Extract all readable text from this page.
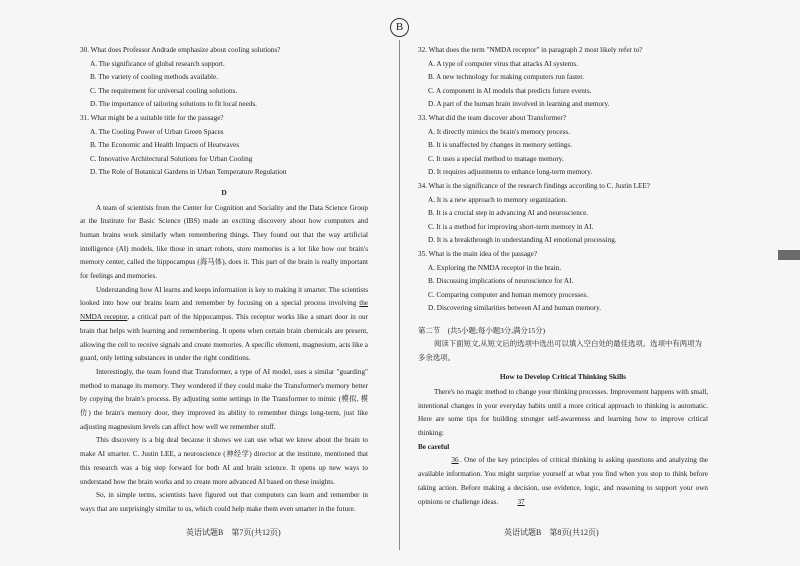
B

30. What does Professor Andrade emphasize about cooling solutions?

A. The significance of global research support.

B. The variety of cooling methods available.

C. The requirement for universal cooling solutions.

D. The importance of tailoring solutions to fit local needs.

31. What might be a suitable title for the passage?

A. The Cooling Power of Urban Green Spaces

B. The Economic and Health Impacts of Heatwaves

C. Innovative Architectural Solutions for Urban Cooling

D. The Role of Botanical Gardens in Urban Temperature Regulation

D

A team of scientists from the Center for Cognition and Sociality and the Data Science Group at the Institute for Basic Science (IBS) made an exciting discovery about how computers and human brains work similarly when remembering things. They found out that the way artificial intelligence (AI) models, like those in smart robots, store memories is a lot like how our brain's memory center, called the hippocampus (海马体), does it. This part of the brain is really important for feelings and memories.

Understanding how AI learns and keeps information is key to making it smarter. The scientists looked into how our brains learn and remember by focusing on a special process involving the NMDA receptor, a critical part of the hippocampus. This receptor works like a smart door in our brain that helps with learning and remembering. It opens when certain brain chemicals are present, allowing the cell to receive signals and create memories. A specific element, magnesium, acts like a guard, only letting substances in under the right conditions.

Interestingly, the team found that Transformer, a type of AI model, uses a similar "guarding" method to manage its memory. They wondered if they could make the Transformer's memory better by copying the brain's process. By adjusting some settings in the Transformer to mimic (模拟, 模仿) the brain's memory door, they improved its ability to remember things long-term, just like adjusting magnesium levels can affect how well we remember stuff.

This discovery is a big deal because it shows we can use what we know about the brain to make AI smarter. C. Justin LEE, a neuroscience (神经学) director at the institute, mentioned that this research was a big step forward for both AI and brain science. It opens up new ways to understand how the brain works and to create more advanced AI based on these insights.

So, in simple terms, scientists have figured out that computers can learn and remember in ways that are surprisingly similar to us, which could help make them even smarter in the future.

32. What does the term "NMDA receptor" in paragraph 2 most likely refer to?

A. A type of computer virus that attacks AI systems.

B. A new technology for making computers run faster.

C. A component in AI models that predicts future events.

D. A part of the human brain involved in learning and memory.

33. What did the team discover about Transformer?

A. It directly mimics the brain's memory process.

B. It is unaffected by changes in memory settings.

C. It uses a special method to manage memory.

D. It requires adjustments to enhance long-term memory.

34. What is the significance of the research findings according to C. Justin LEE?

A. It is a new approach to memory organization.

B. It is a crucial step in advancing AI and neuroscience.

C. It is a method for improving short-term memory in AI.

D. It is a breakthrough in understanding AI emotional processing.

35. What is the main idea of the passage?

A. Exploring the NMDA receptor in the brain.

B. Discussing implications of neuroscience for AI.

C. Comparing computer and human memory processes.

D. Discovering similarities between AI and human memory.

第二节　(共5小题;每小题3分,满分15分)

阅读下面短文,从短文后的选项中选出可以填入空白处的最佳选项。选项中有两项为多余选项。

How to Develop Critical Thinking Skills

There's no magic method to change your thinking processes. Improvement happens with small, intentional changes in your everyday habits until a more critical approach to thinking is automatic. Here are some tips for building stronger self-awareness and learning how to improve critical thinking:

Be careful

36. One of the key principles of critical thinking is asking questions and analyzing the available information. You might surprise yourself at what you find when you stop to think before taking action. Before making a decision, use evidence, logic, and reasoning to support your own opinions or challenge ideas. 37

英语试题B　第7页(共12页)	英语试题B　第8页(共12页)
